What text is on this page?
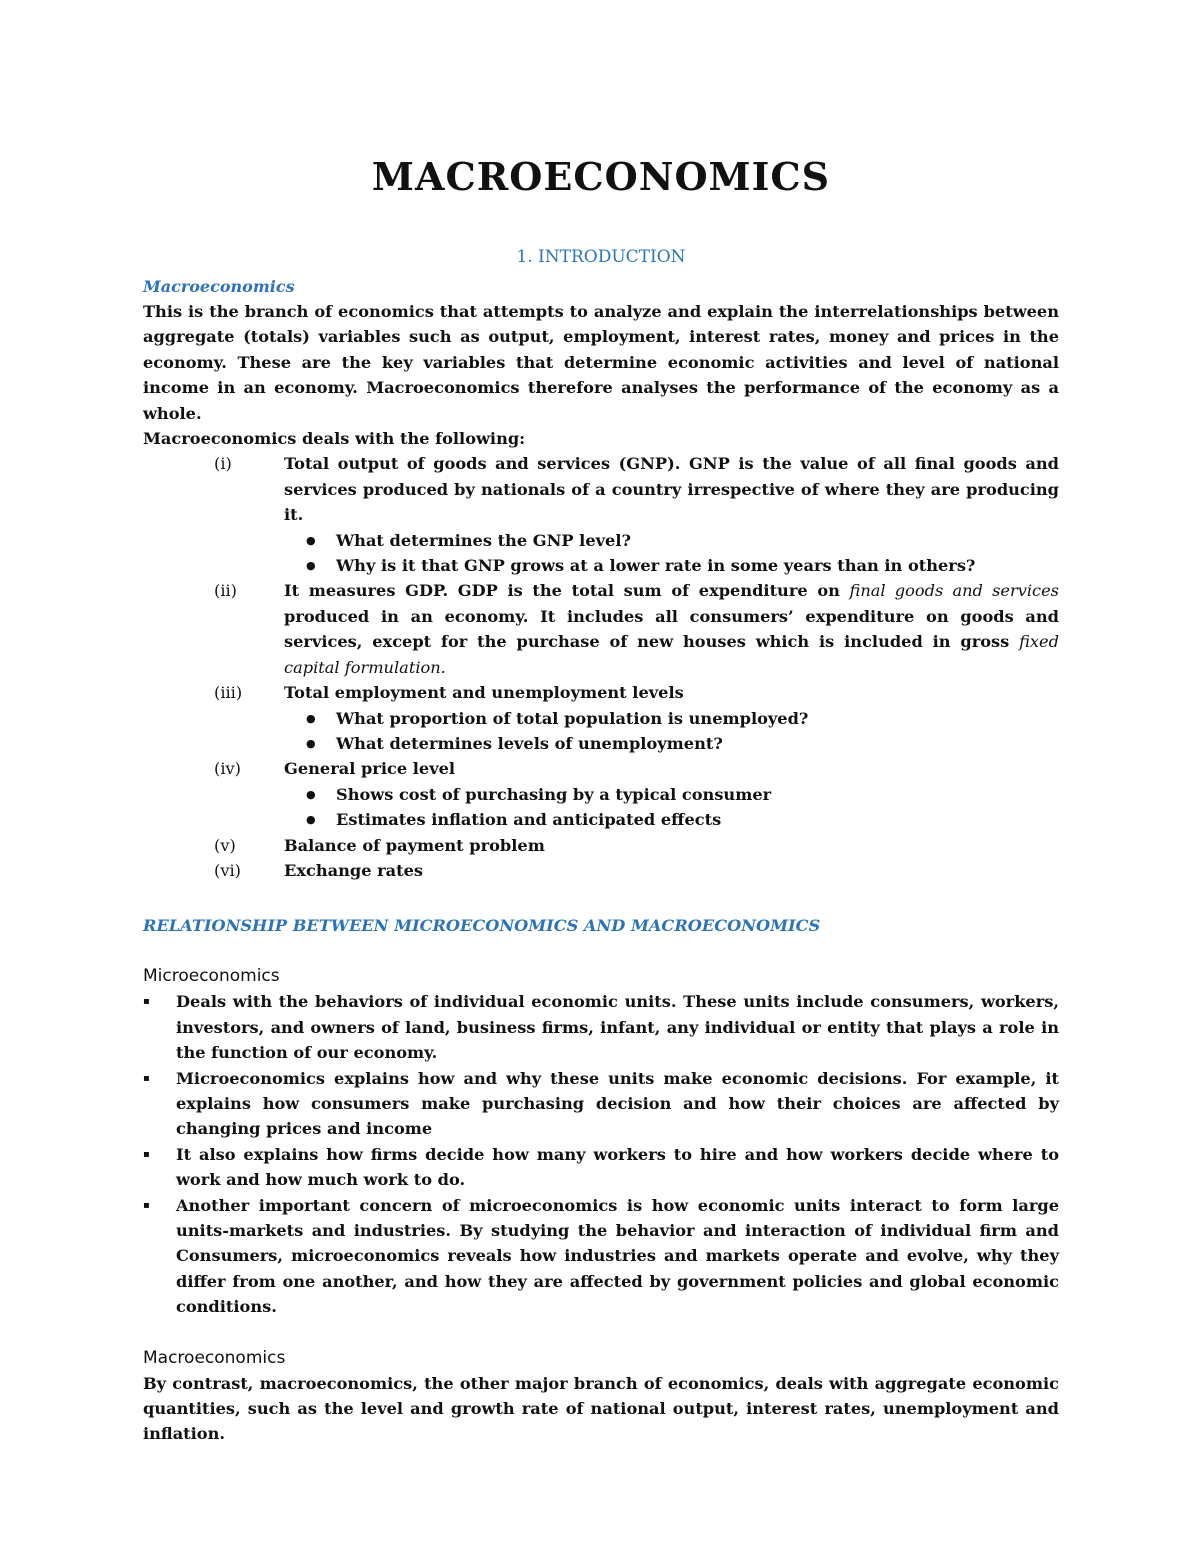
MACROECONOMICS
1. INTRODUCTION
Macroeconomics

This is the branch of economics that attempts to analyze and explain the interrelationships between aggregate (totals) variables such as output, employment, interest rates, money and prices in the economy. These are the key variables that determine economic activities and level of national income in an economy. Macroeconomics therefore analyses the performance of the economy as a whole.

Macroeconomics deals with the following:

(i)	Total output of goods and services (GNP). GNP is the value of all final goods and services produced by nationals of a country irrespective of where they are producing it.
●	What determines the GNP level?
●	Why is it that GNP grows at a lower rate in some years than in others?
(ii)	It measures GDP. GDP is the total sum of expenditure on final goods and services produced in an economy. It includes all consumers’ expenditure on goods and services, except for the purchase of new houses which is included in gross fixed capital formulation.
(iii)	Total employment and unemployment levels
●	What proportion of total population is unemployed?
●	What determines levels of unemployment?
(iv)	General price level
●	Shows cost of purchasing by a typical consumer
●	Estimates inflation and anticipated effects
(v)	Balance of payment problem
(vi)	Exchange rates
RELATIONSHIP BETWEEN MICROECONOMICS AND MACROECONOMICS
Microeconomics
▪	Deals with the behaviors of individual economic units. These units include consumers, workers, investors, and owners of land, business firms, infant, any individual or entity that plays a role in the function of our economy.
▪	Microeconomics explains how and why these units make economic decisions. For example, it explains how consumers make purchasing decision and how their choices are affected by changing prices and income
▪	It also explains how firms decide how many workers to hire and how workers decide where to work and how much work to do.
▪	Another important concern of microeconomics is how economic units interact to form large units-markets and industries. By studying the behavior and interaction of individual firm and Consumers, microeconomics reveals how industries and markets operate and evolve, why they differ from one another, and how they are affected by government policies and global economic conditions.
Macroeconomics

By contrast, macroeconomics, the other major branch of economics, deals with aggregate economic quantities, such as the level and growth rate of national output, interest rates, unemployment and inflation.
